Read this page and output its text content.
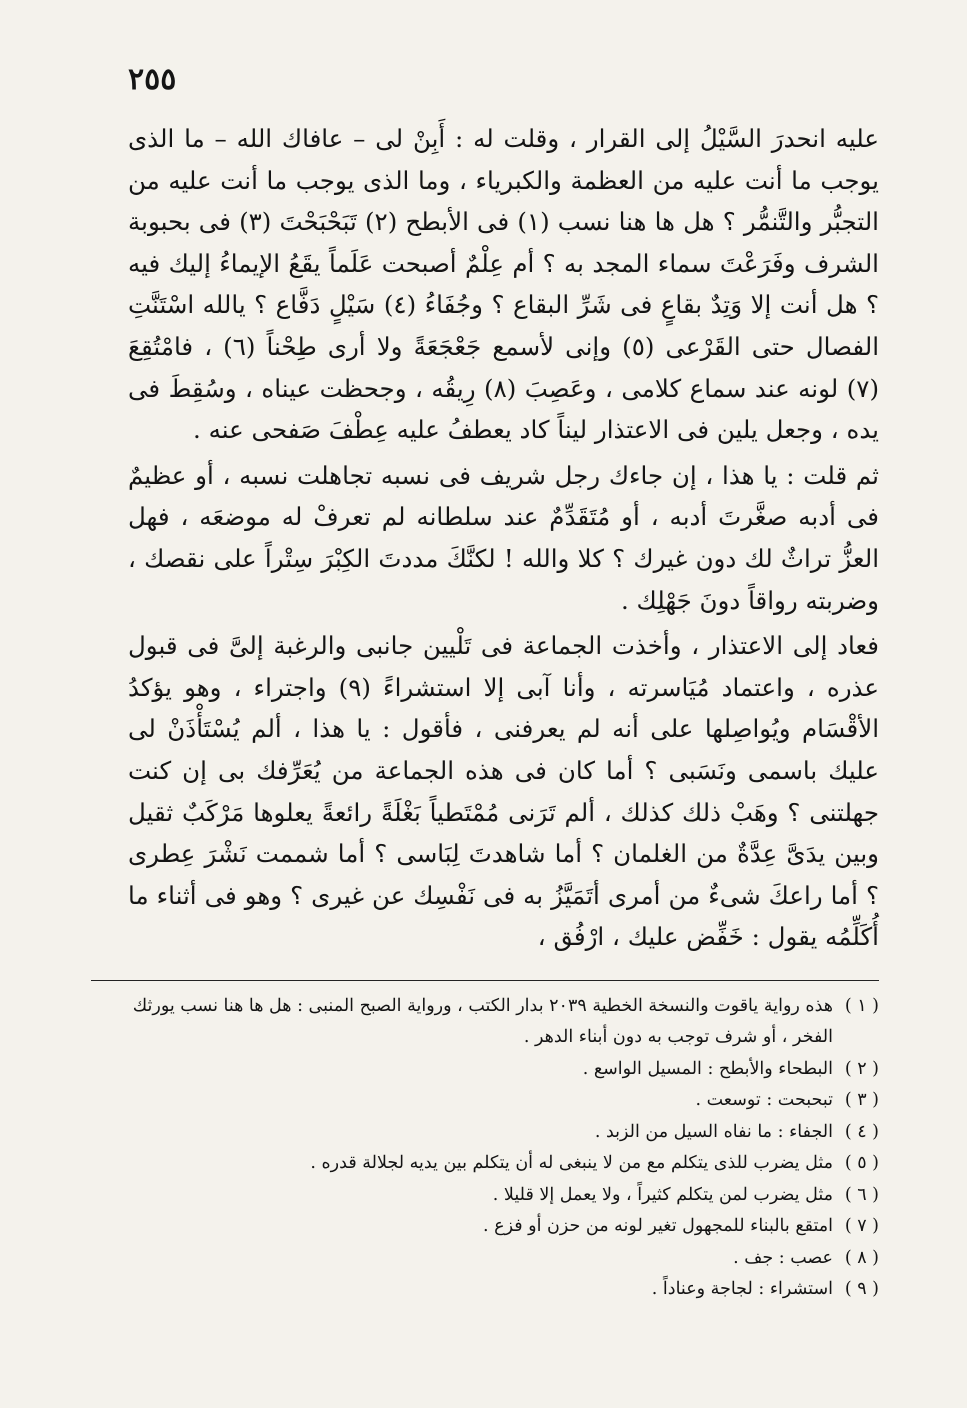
٢٥٥

عليه انحدرَ السَّيْلُ إلى القرار ، وقلت له : أَبِنْ لى – عافاك الله – ما الذى يوجب ما أنت عليه من العظمة والكبرياء ، وما الذى يوجب ما أنت عليه من التجبُّر والتَّنمُّر ؟ هل ها هنا نسب (١) فى الأبطح (٢) تَبَحْبَحْتَ (٣) فى بحبوبة الشرف وفَرَعْتَ سماء المجد به ؟ أم عِلْمٌ أصبحت عَلَماً يقَعُ الإيماءُ إليك فيه ؟ هل أنت إلا وَتِدٌ بقاعٍ فى شَرِّ البقاع ؟ وجُفَاءُ (٤) سَيْلٍ دَفَّاع ؟ يالله اسْتَنَّتِ الفصال حتى القَرْعى (٥) وإنى لأسمع جَعْجَعَةً ولا أرى طِحْناً (٦) ، فامْتُقِعَ (٧) لونه عند سماع كلامى ، وعَصِبَ (٨) رِيقُه ، وجحظت عيناه ، وسُقِطَ فى يده ، وجعل يلين فى الاعتذار ليناً كاد يعطفُ عليه عِطْفَ صَفحى عنه .

ثم قلت : يا هذا ، إن جاءك رجل شريف فى نسبه تجاهلت نسبه ، أو عظيمٌ فى أدبه صغَّرتَ أدبه ، أو مُتَقَدِّمٌ عند سلطانه لم تعرفْ له موضعَه ، فهل العزُّ تراثٌ لك دون غيرك ؟ كلا والله ! لكنَّكَ مددتَ الكِبْرَ سِتْراً على نقصك ، وضربته رواقاً دونَ جَهْلِك .

فعاد إلى الاعتذار ، وأخذت الجماعة فى تَلْيين جانبى والرغبة إلىَّ فى قبول عذره ، واعتماد مُيَاسرته ، وأنا آبى إلا استشراءً (٩) واجتراء ، وهو يؤكدُ الأقْسَام ويُواصِلها على أنه لم يعرفنى ، فأقول : يا هذا ، ألم يُسْتَأْذَنْ لى عليك باسمى ونَسَبى ؟ أما كان فى هذه الجماعة من يُعَرِّفك بى إن كنت جهلتنى ؟ وهَبْ ذلك كذلك ، ألم تَرَنى مُمْتَطياً بَغْلَةً رائعةً يعلوها مَرْكَبٌ ثقيل وبين يدَىَّ عِدَّةٌ من الغلمان ؟ أما شاهدتَ لِبَاسى ؟ أما شممت نَشْرَ عِطرى ؟ أما راعكَ شىءٌ من أمرى أتَمَيَّزُ به فى نَفْسِك عن غيرى ؟ وهو فى أثناء ما أُكَلِّمُه يقول : خَفِّض عليك ، ارْفُق ،

( ١ )
هذه رواية ياقوت والنسخة الخطية ٢٠٣٩ بدار الكتب ، ورواية الصبح المنبى : هل ها هنا نسب يورثك الفخر ، أو شرف توجب به دون أبناء الدهر .
( ٢ )
البطحاء والأبطح : المسيل الواسع .
( ٣ )
تبحبحت : توسعت .
( ٤ )
الجفاء : ما نفاه السيل من الزبد .
( ٥ )
مثل يضرب للذى يتكلم مع من لا ينبغى له أن يتكلم بين يديه لجلالة قدره .
( ٦ )
مثل يضرب لمن يتكلم كثيراً ، ولا يعمل إلا قليلا .
( ٧ )
امتقع بالبناء للمجهول تغير لونه من حزن أو فزع .
( ٨ )
عصب : جف .
( ٩ )
استشراء : لجاجة وعناداً .
